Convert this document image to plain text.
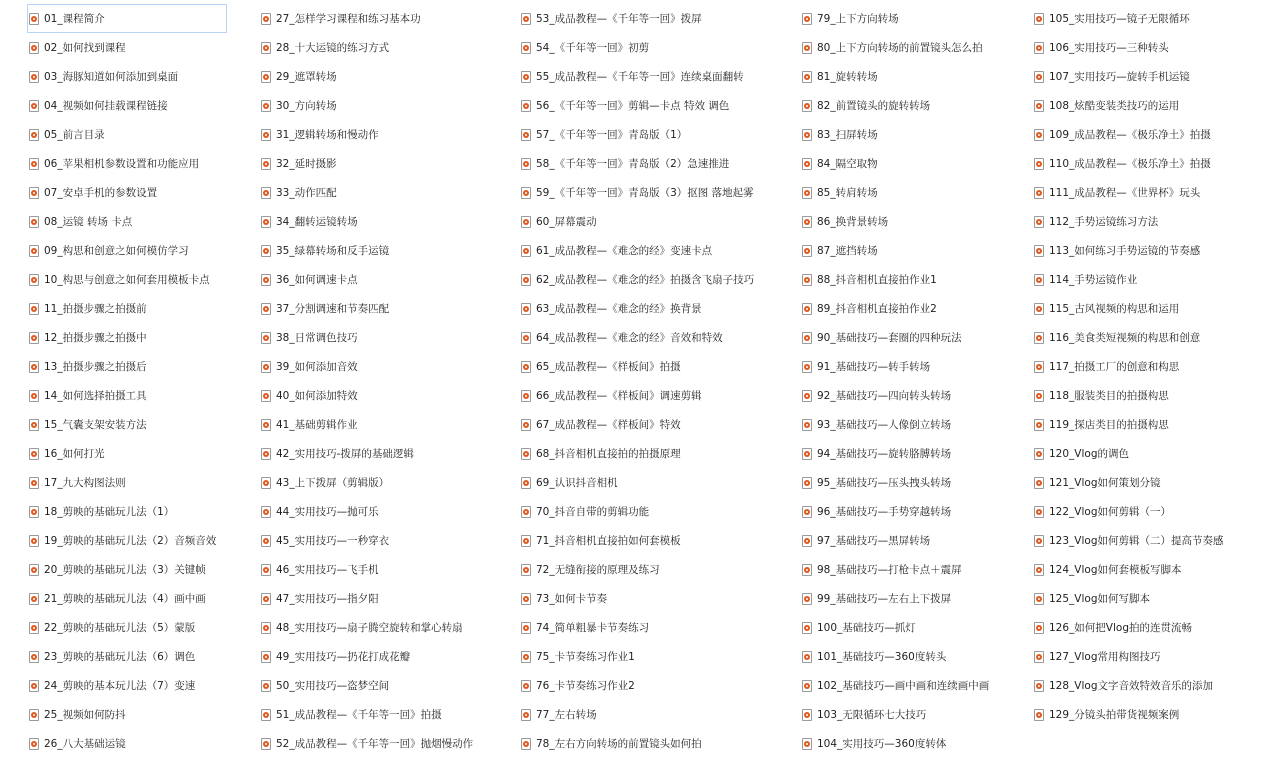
01_课程简介
02_如何找到课程
03_海豚知道如何添加到桌面
04_视频如何挂载课程链接
05_前言目录
06_苹果相机参数设置和功能应用
07_安卓手机的参数设置
08_运镜 转场 卡点
09_构思和创意之如何模仿学习
10_构思与创意之如何套用模板卡点
11_拍摄步骤之拍摄前
12_拍摄步骤之拍摄中
13_拍摄步骤之拍摄后
14_如何选择拍摄工具
15_气囊支架安装方法
16_如何打光
17_九大构图法则
18_剪映的基础玩儿法（1）
19_剪映的基础玩儿法（2）音频音效
20_剪映的基础玩儿法（3）关键帧
21_剪映的基础玩儿法（4）画中画
22_剪映的基础玩儿法（5）蒙版
23_剪映的基础玩儿法（6）调色
24_剪映的基本玩儿法（7）变速
25_视频如何防抖
26_八大基础运镜
27_怎样学习课程和练习基本功
28_十大运镜的练习方式
29_遮罩转场
30_方向转场
31_逻辑转场和慢动作
32_延时摄影
33_动作匹配
34_翻转运镜转场
35_绿幕转场和反手运镜
36_如何调速卡点
37_分割调速和节奏匹配
38_日常调色技巧
39_如何添加音效
40_如何添加特效
41_基础剪辑作业
42_实用技巧-拨屏的基础逻辑
43_上下拨屏（剪辑版）
44_实用技巧—抛可乐
45_实用技巧—一秒穿衣
46_实用技巧—飞手机
47_实用技巧—指夕阳
48_实用技巧—扇子腾空旋转和掌心转扇
49_实用技巧—扔花打成花瓣
50_实用技巧—盗梦空间
51_成品教程—《千年等一回》拍摄
52_成品教程—《千年等一回》抛烟慢动作
53_成品教程—《千年等一回》拨屏
54_《千年等一回》初剪
55_成品教程—《千年等一回》连续桌面翻转
56_《千年等一回》剪辑—卡点 特效 调色
57_《千年等一回》青岛版（1）
58_《千年等一回》青岛版（2）急速推进
59_《千年等一回》青岛版（3）抠图 落地起雾
60_屏幕震动
61_成品教程—《难念的经》变速卡点
62_成品教程—《难念的经》拍摄含飞扇子技巧
63_成品教程—《难念的经》换背景
64_成品教程—《难念的经》音效和特效
65_成品教程—《样板间》拍摄
66_成品教程—《样板间》调速剪辑
67_成品教程—《样板间》特效
68_抖音相机直接拍的拍摄原理
69_认识抖音相机
70_抖音自带的剪辑功能
71_抖音相机直接拍如何套模板
72_无缝衔接的原理及练习
73_如何卡节奏
74_简单粗暴卡节奏练习
75_卡节奏练习作业1
76_卡节奏练习作业2
77_左右转场
78_左右方向转场的前置镜头如何拍
79_上下方向转场
80_上下方向转场的前置镜头怎么拍
81_旋转转场
82_前置镜头的旋转转场
83_扫屏转场
84_隔空取物
85_转肩转场
86_换背景转场
87_遮挡转场
88_抖音相机直接拍作业1
89_抖音相机直接拍作业2
90_基础技巧—套圈的四种玩法
91_基础技巧—转手转场
92_基础技巧—四向转头转场
93_基础技巧—人像倒立转场
94_基础技巧—旋转胳膊转场
95_基础技巧—压头拽头转场
96_基础技巧—手势穿越转场
97_基础技巧—黑屏转场
98_基础技巧—打枪卡点＋震屏
99_基础技巧—左右上下拨屏
100_基础技巧—抓灯
101_基础技巧—360度转头
102_基础技巧—画中画和连续画中画
103_无限循环七大技巧
104_实用技巧—360度转体
105_实用技巧—镜子无限循环
106_实用技巧—三种转头
107_实用技巧—旋转手机运镜
108_炫酷变装类技巧的运用
109_成品教程—《极乐净土》拍摄
110_成品教程—《极乐净土》拍摄
111_成品教程—《世界杯》玩头
112_手势运镜练习方法
113_如何练习手势运镜的节奏感
114_手势运镜作业
115_古风视频的构思和运用
116_美食类短视频的构思和创意
117_拍摄工厂的创意和构思
118_服装类目的拍摄构思
119_探店类目的拍摄构思
120_Vlog的调色
121_Vlog如何策划分镜
122_Vlog如何剪辑（一）
123_Vlog如何剪辑（二）提高节奏感
124_Vlog如何套模板写脚本
125_Vlog如何写脚本
126_如何把Vlog拍的连贯流畅
127_Vlog常用构图技巧
128_Vlog文字音效特效音乐的添加
129_分镜头拍带货视频案例
